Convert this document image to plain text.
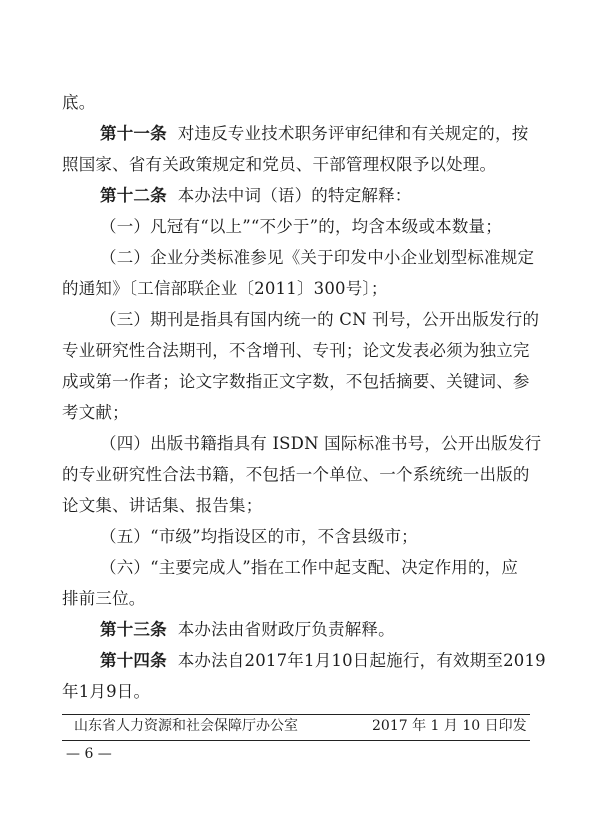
底。
第十一条 对违反专业技术职务评审纪律和有关规定的，按
照国家、省有关政策规定和党员、干部管理权限予以处理。
第十二条 本办法中词（语）的特定解释：
（一）凡冠有“以上”“不少于”的，均含本级或本数量；
（二）企业分类标准参见《关于印发中小企业划型标准规定
的通知》〔工信部联企业〔2011〕300号〕；
（三）期刊是指具有国内统一的 CN 刊号，公开出版发行的
专业研究性合法期刊，不含增刊、专刊；论文发表必须为独立完
成或第一作者；论文字数指正文字数，不包括摘要、关键词、参
考文献；
（四）出版书籍指具有 ISDN 国际标准书号，公开出版发行
的专业研究性合法书籍，不包括一个单位、一个系统统一出版的
论文集、讲话集、报告集；
（五）“市级”均指设区的市，不含县级市；
（六）“主要完成人”指在工作中起支配、决定作用的，应
排前三位。
第十三条 本办法由省财政厅负责解释。
第十四条 本办法自2017年1月10日起施行，有效期至2019
年1月9日。
山东省人力资源和社会保障厅办公室	2017 年 1 月 10 日印发
— 6 —
